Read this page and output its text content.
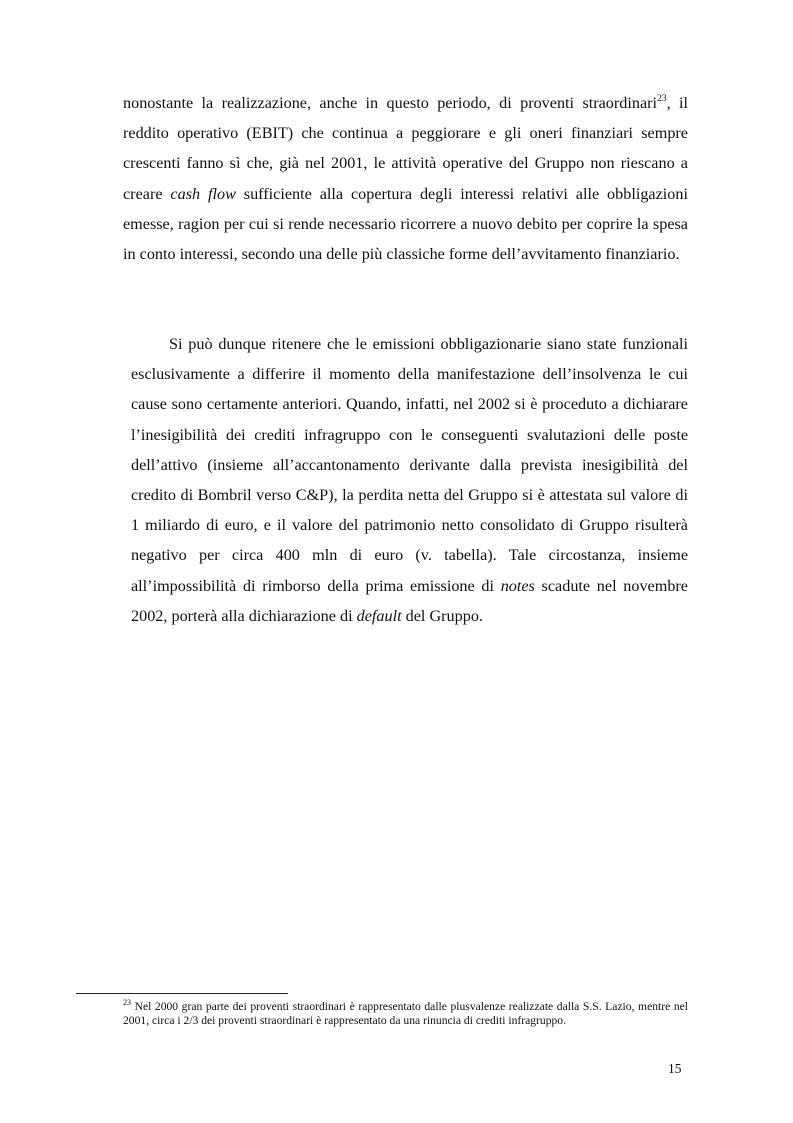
nonostante la realizzazione, anche in questo periodo, di proventi straordinari$^{23}$, il reddito operativo (EBIT) che continua a peggiorare e gli oneri finanziari sempre crescenti fanno sì che, già nel 2001, le attività operative del Gruppo non riescano a creare cash flow sufficiente alla copertura degli interessi relativi alle obbligazioni emesse, ragion per cui si rende necessario ricorrere a nuovo debito per coprire la spesa in conto interessi, secondo una delle più classiche forme dell’avvitamento finanziario.

Si può dunque ritenere che le emissioni obbligazionarie siano state funzionali esclusivamente a differire il momento della manifestazione dell’insolvenza le cui cause sono certamente anteriori. Quando, infatti, nel 2002 si è proceduto a dichiarare l’inesigibilità dei crediti infragruppo con le conseguenti svalutazioni delle poste dell’attivo (insieme all’accantonamento derivante dalla prevista inesigibilità del credito di Bombril verso C&P), la perdita netta del Gruppo si è attestata sul valore di 1 miliardo di euro, e il valore del patrimonio netto consolidato di Gruppo risulterà negativo per circa 400 mln di euro (v. tabella). Tale circostanza, insieme all’impossibilità di rimborso della prima emissione di notes scadute nel novembre 2002, porterà alla dichiarazione di default del Gruppo.

$^{23}$ Nel 2000 gran parte dei proventi straordinari è rappresentato dalle plusvalenze realizzate dalla S.S. Lazio, mentre nel 2001, circa i 2/3 dei proventi straordinari è rappresentato da una rinuncia di crediti infragruppo.

15
